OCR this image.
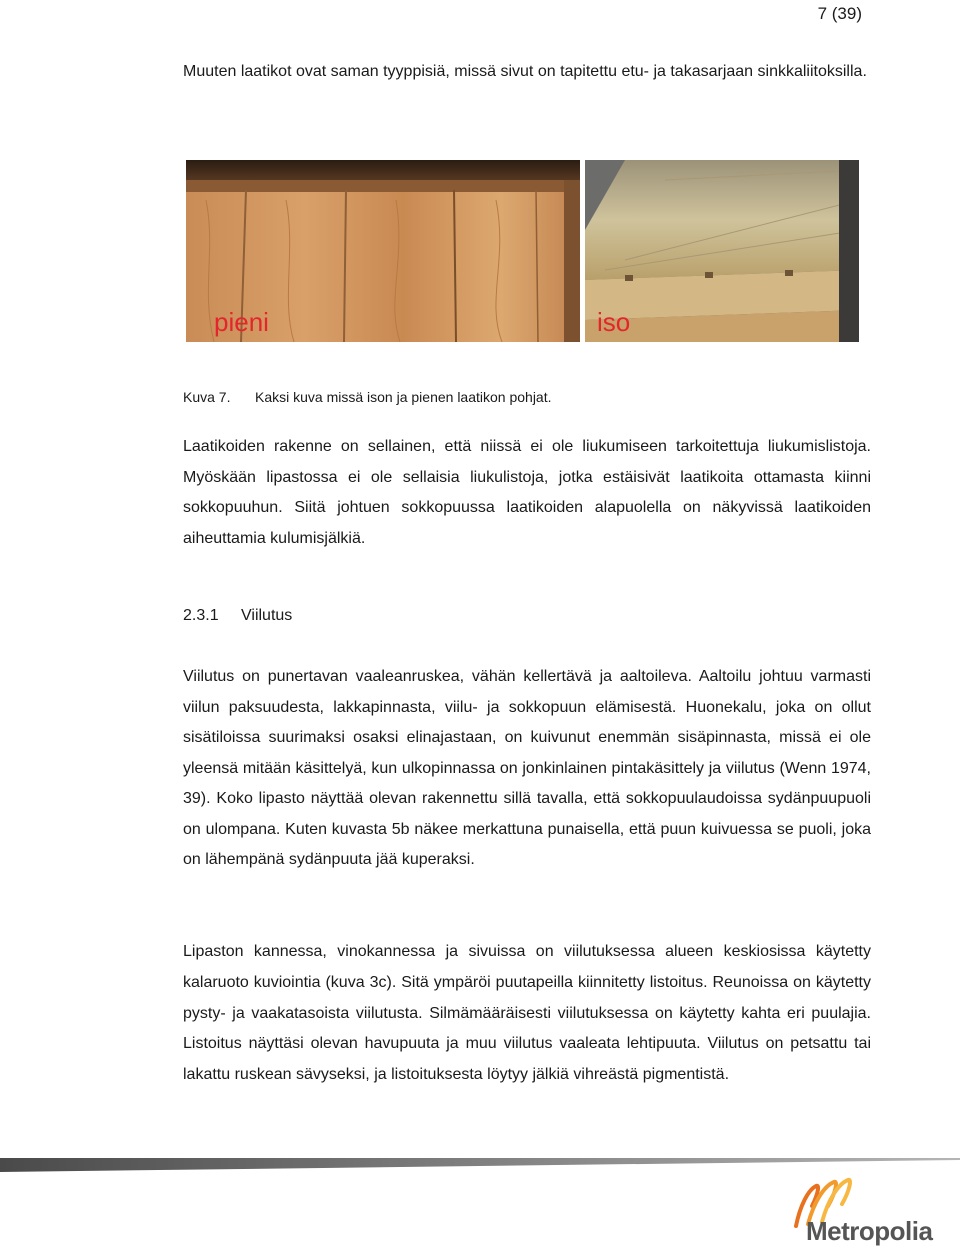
7 (39)

Muuten laatikot ovat saman tyyppisiä, missä sivut on tapitettu etu- ja takasarjaan sinkkaliitoksilla.

pieni	iso
Kuva 7. Kaksi kuva missä ison ja pienen laatikon pohjat.

Laatikoiden rakenne on sellainen, että niissä ei ole liukumiseen tarkoitettuja liukumislistoja. Myöskään lipastossa ei ole sellaisia liukulistoja, jotka estäisivät laatikoita ottamasta kiinni sokkopuuhun. Siitä johtuen sokkopuussa laatikoiden alapuolella on näkyvissä laatikoiden aiheuttamia kulumisjälkiä.

2.3.1 Viilutus

Viilutus on punertavan vaaleanruskea, vähän kellertävä ja aaltoileva. Aaltoilu johtuu varmasti viilun paksuudesta, lakkapinnasta, viilu- ja sokkopuun elämisestä. Huonekalu, joka on ollut sisätiloissa suurimaksi osaksi elinajastaan, on kuivunut enemmän sisäpinnasta, missä ei ole yleensä mitään käsittelyä, kun ulkopinnassa on jonkinlainen pintakäsittely ja viilutus (Wenn 1974, 39). Koko lipasto näyttää olevan rakennettu sillä tavalla, että sokkopuulaudoissa sydänpuupuoli on ulompana. Kuten kuvasta 5b näkee merkattuna punaisella, että puun kuivuessa se puoli, joka on lähempänä sydänpuuta jää kuperaksi.

Lipaston kannessa, vinokannessa ja sivuissa on viilutuksessa alueen keskiosissa käytetty kalaruoto kuviointia (kuva 3c). Sitä ympäröi puutapeilla kiinnitetty listoitus. Reunoissa on käytetty pysty- ja vaakatasoista viilutusta. Silmämääräisesti viilutuksessa on käytetty kahta eri puulajia. Listoitus näyttäsi olevan havupuuta ja muu viilutus vaaleata lehtipuuta. Viilutus on petsattu tai lakattu ruskean sävyseksi, ja listoituksesta löytyy jälkiä vihreästä pigmentistä.

Metropolia
